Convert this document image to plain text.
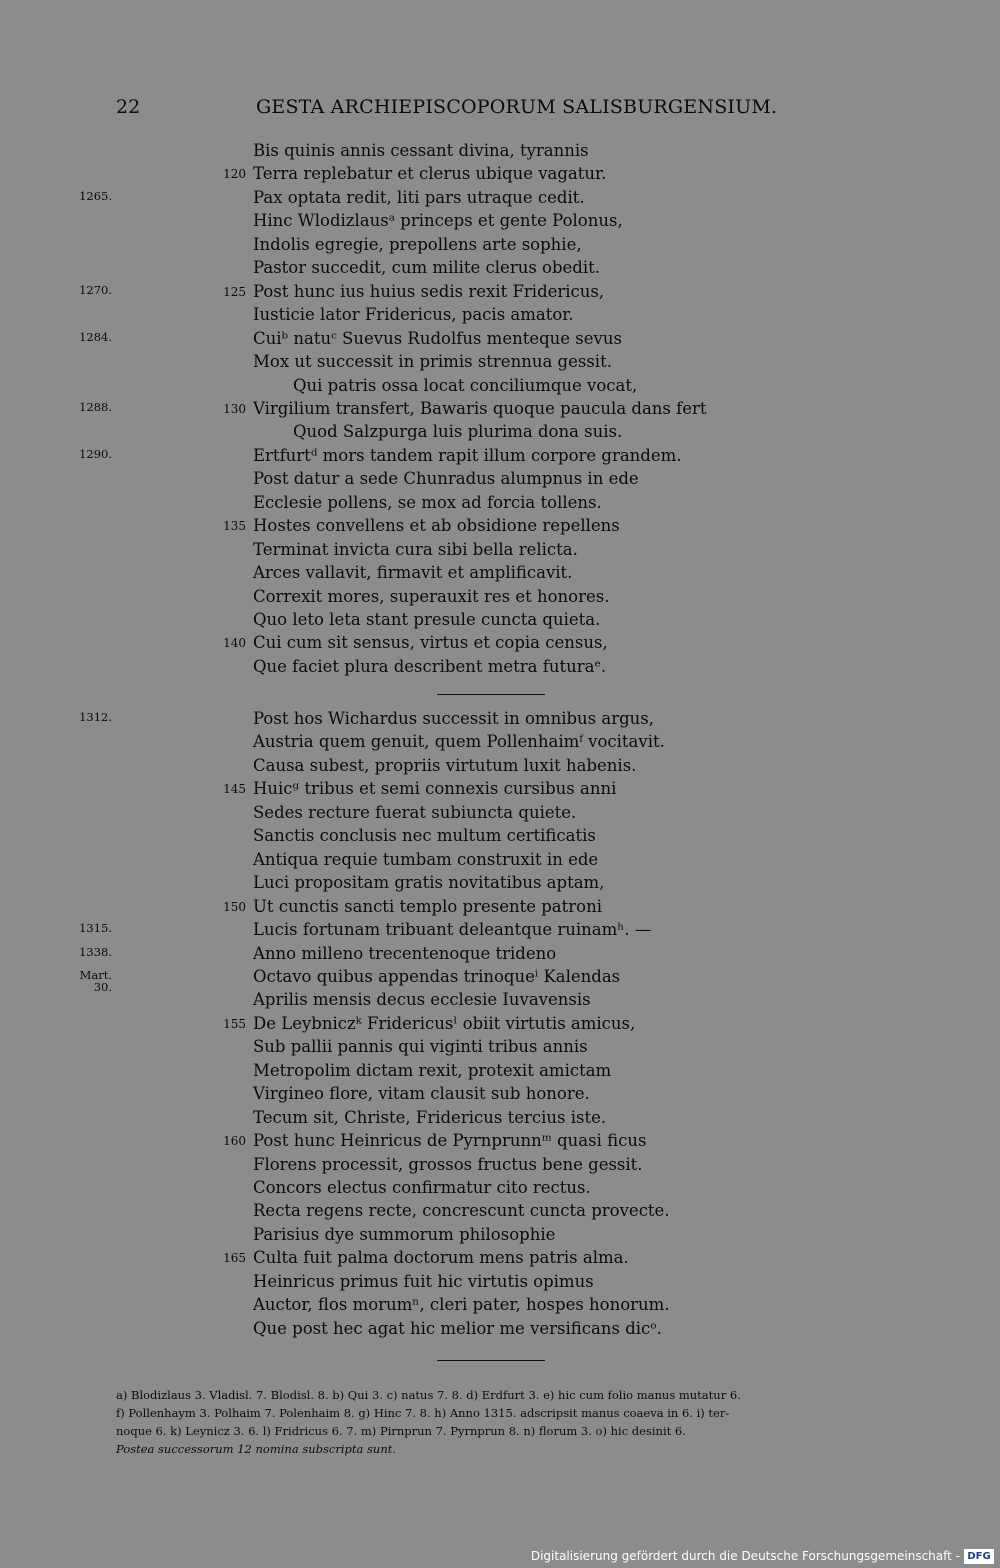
22	GESTA ARCHIEPISCOPORUM SALISBURGENSIUM.
Bis quinis annis cessant divina, tyrannis
120 Terra replebatur et clerus ubique vagatur.
1265.	Pax optata redit, liti pars utraque cedit.
Hinc Wlodizlausᵃ princeps et gente Polonus,
Indolis egregie, prepollens arte sophie,
Pastor succedit, cum milite clerus obedit.
1270.	125 Post hunc ius huius sedis rexit Fridericus,
Iusticie lator Fridericus, pacis amator.
1284.	Cuiᵇ natuᶜ Suevus Rudolfus menteque sevus
Mox ut successit in primis strennua gessit.
Qui patris ossa locat conciliumque vocat,
1288.	130 Virgilium transfert, Bawaris quoque paucula dans fert
Quod Salzpurga luis plurima dona suis.
1290.	Ertfurtᵈ mors tandem rapit illum corpore grandem.
Post datur a sede Chunradus alumpnus in ede
Ecclesie pollens, se mox ad forcia tollens.
135 Hostes convellens et ab obsidione repellens
Terminat invicta cura sibi bella relicta.
Arces vallavit, firmavit et amplificavit.
Correxit mores, superauxit res et honores.
Quo leto leta stant presule cuncta quieta.
140 Cui cum sit sensus, virtus et copia census,
Que faciet plura describent metra futuraᵉ.
1312.	Post hos Wichardus successit in omnibus argus,
Austria quem genuit, quem Pollenhaimᶠ vocitavit.
Causa subest, propriis virtutum luxit habenis.
145 Huicᵍ tribus et semi connexis cursibus anni
Sedes recture fuerat subiuncta quiete.
Sanctis conclusis nec multum certificatis
Antiqua requie tumbam construxit in ede
Luci propositam gratis novitatibus aptam,
150 Ut cunctis sancti templo presente patroni
1315.	Lucis fortunam tribuant deleantque ruinamʰ. —
1338.	Anno milleno trecentenoque trideno
Mart. 30.
Octavo quibus appendas trinoqueⁱ Kalendas
Aprilis mensis decus ecclesie Iuvavensis
155 De Leybniczᵏ Fridericusˡ obiit virtutis amicus,
Sub pallii pannis qui viginti tribus annis
Metropolim dictam rexit, protexit amictam
Virgineo flore, vitam clausit sub honore.
Tecum sit, Christe, Fridericus tercius iste.
160 Post hunc Heinricus de Pyrnprunnᵐ quasi ficus
Florens processit, grossos fructus bene gessit.
Concors electus confirmatur cito rectus.
Recta regens recte, concrescunt cuncta provecte.
Parisius dye summorum philosophie
165 Culta fuit palma doctorum mens patris alma.
Heinricus primus fuit hic virtutis opimus
Auctor, flos morumⁿ, cleri pater, hospes honorum.
Que post hec agat hic melior me versificans dicᵒ.
a) Blodizlaus 3. Vladisl. 7. Blodisl. 8. b) Qui 3. c) natus 7. 8. d) Erdfurt 3. e) hic cum folio manus mutatur 6.
f) Pollenhaym 3. Polhaim 7. Polenhaim 8. g) Hinc 7. 8. h) Anno 1315. adscripsit manus coaeva in 6. i) ter-
noque 6. k) Leynicz 3. 6. l) Fridricus 6. 7. m) Pirnprun 7. Pyrnprun 8. n) florum 3. o) hic desinit 6.
Postea successorum 12 nomina subscripta sunt.
Digitalisierung gefördert durch die Deutsche Forschungsgemeinschaft - DFG
